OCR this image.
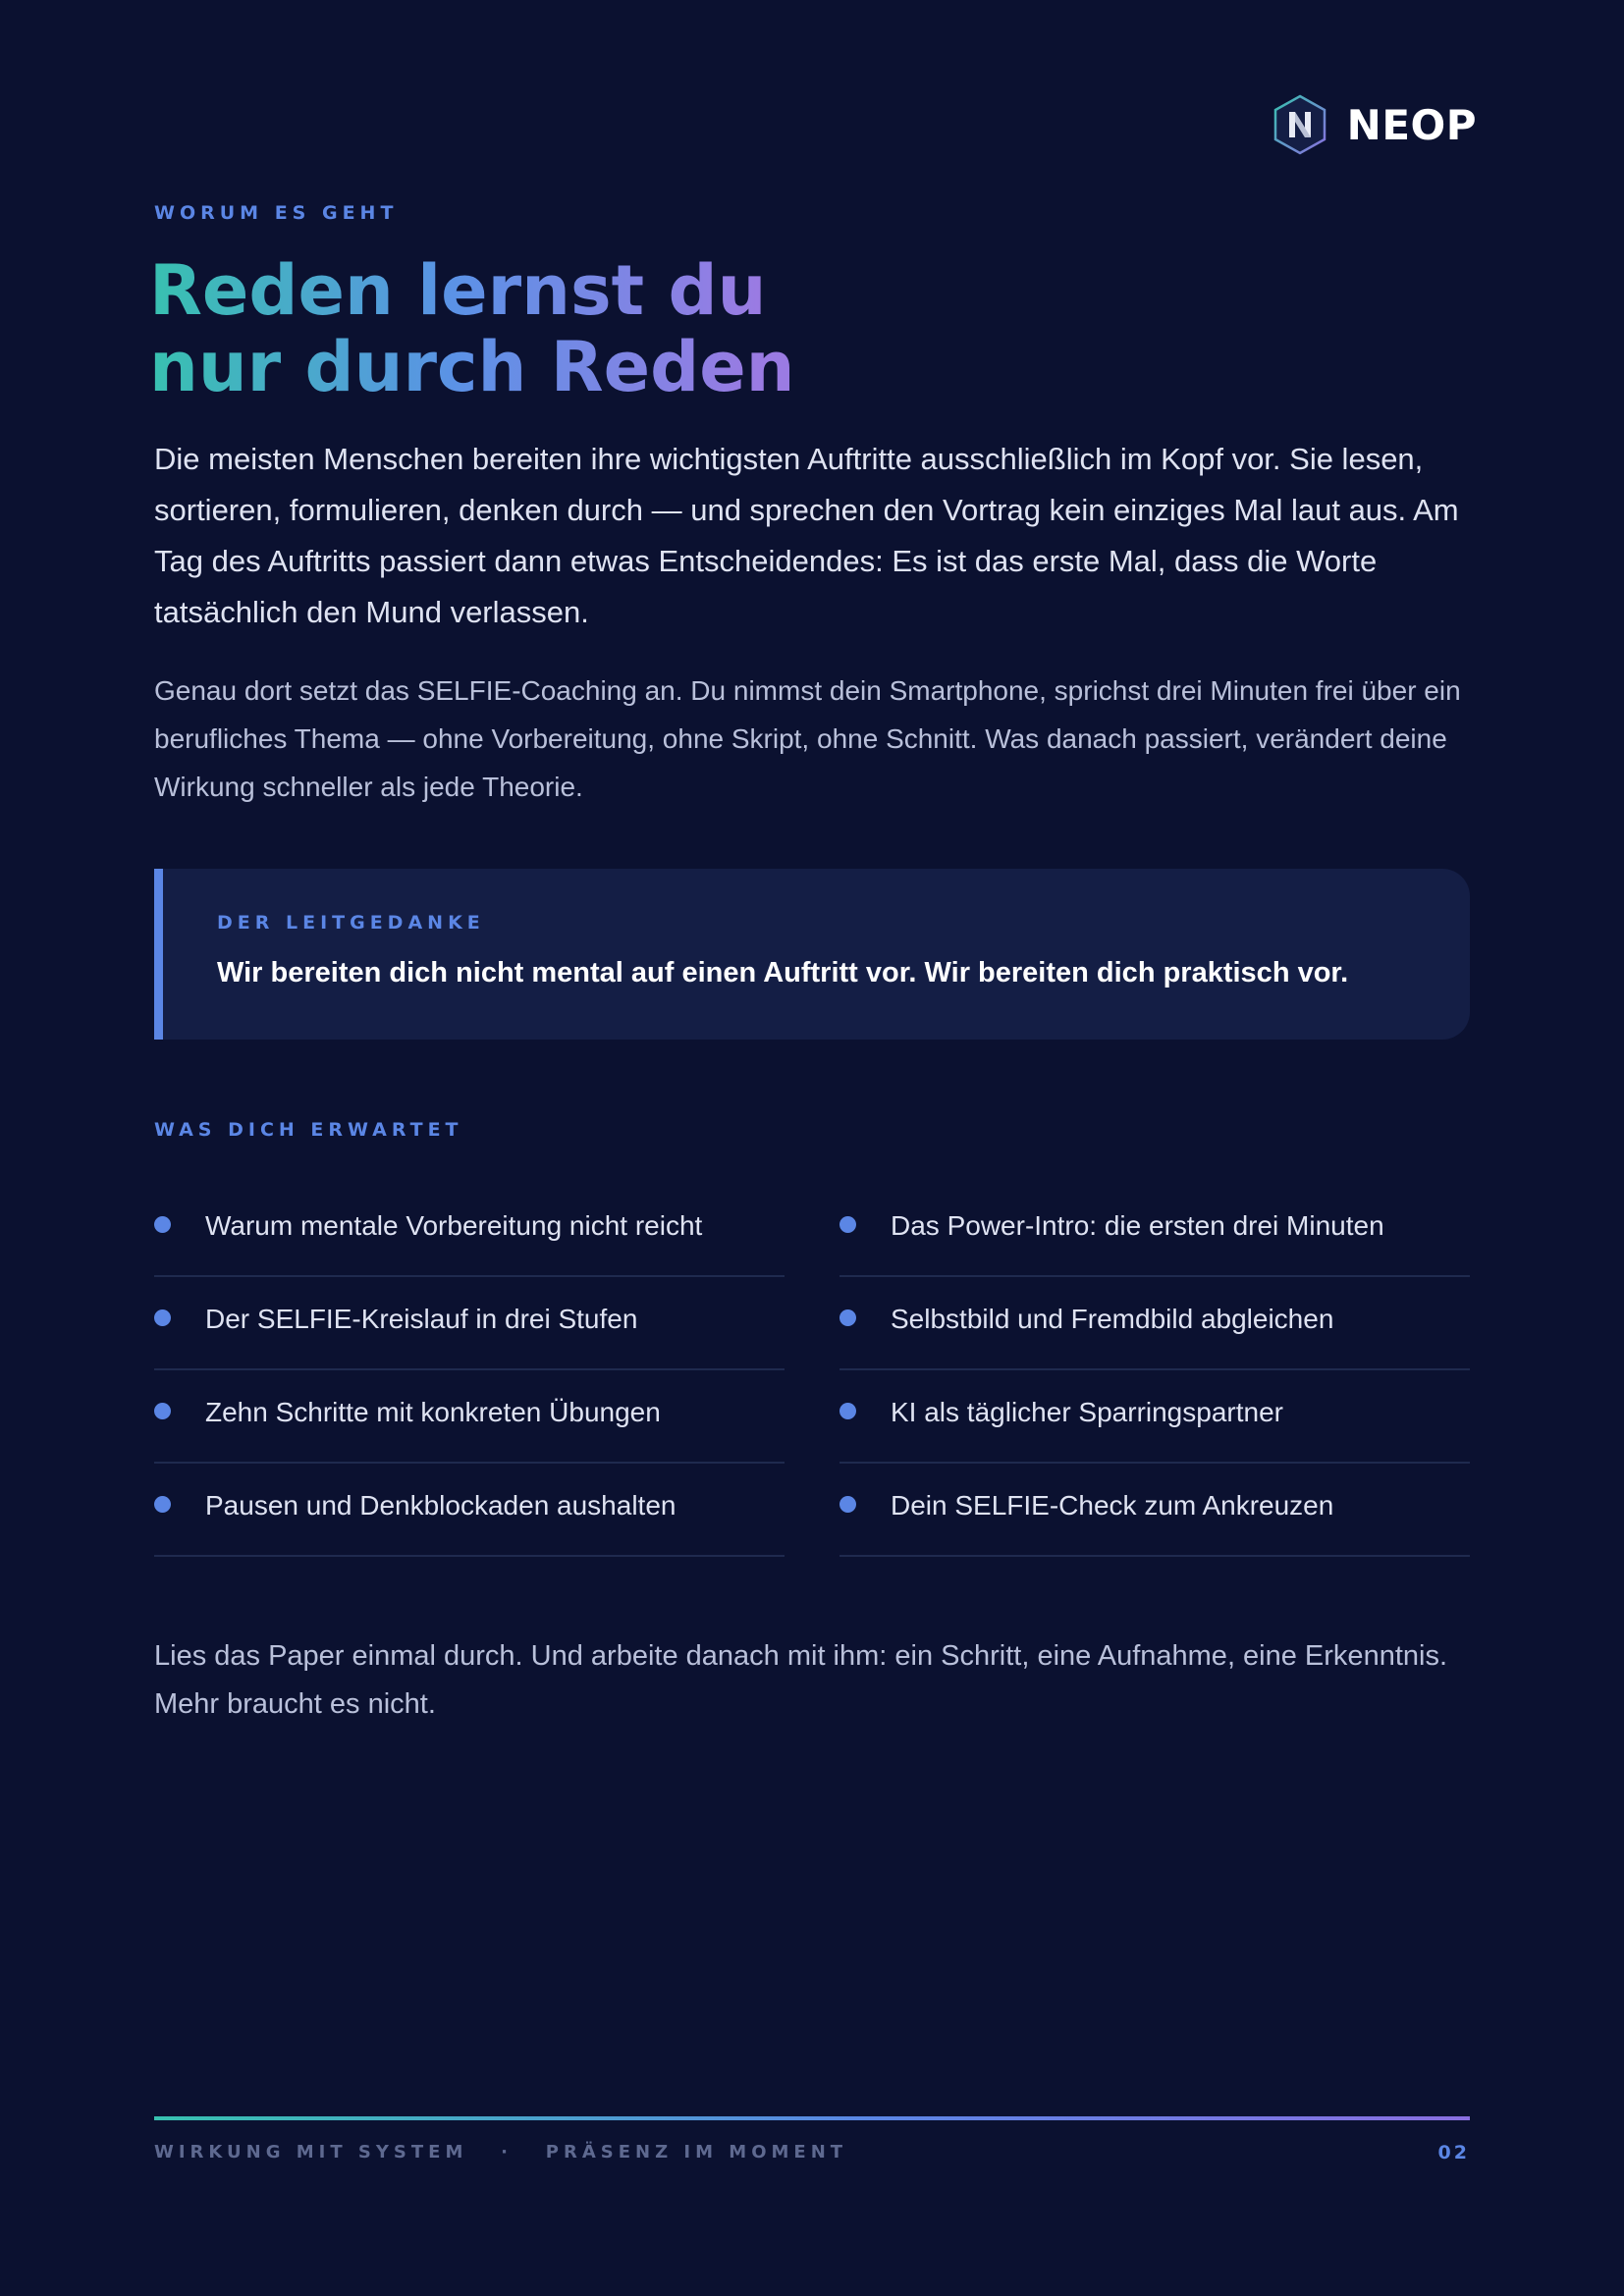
NEOP
WORUM ES GEHT
Reden lernst du
nur durch Reden

Die meisten Menschen bereiten ihre wichtigsten Auftritte ausschließlich im Kopf vor. Sie lesen, sortieren, formulieren, denken durch — und sprechen den Vortrag kein einziges Mal laut aus. Am Tag des Auftritts passiert dann etwas Entscheidendes: Es ist das erste Mal, dass die Worte tatsächlich den Mund verlassen.

Genau dort setzt das SELFIE-Coaching an. Du nimmst dein Smartphone, sprichst drei Minuten frei über ein berufliches Thema — ohne Vorbereitung, ohne Skript, ohne Schnitt. Was danach passiert, verändert deine Wirkung schneller als jede Theorie.

DER LEITGEDANKE
Wir bereiten dich nicht mental auf einen Auftritt vor. Wir bereiten dich praktisch vor.
WAS DICH ERWARTET
Warum mentale Vorbereitung nicht reicht	Das Power-Intro: die ersten drei Minuten
Der SELFIE-Kreislauf in drei Stufen	Selbstbild und Fremdbild abgleichen
Zehn Schritte mit konkreten Übungen	KI als täglicher Sparringspartner
Pausen und Denkblockaden aushalten	Dein SELFIE-Check zum Ankreuzen

Lies das Paper einmal durch. Und arbeite danach mit ihm: ein Schritt, eine Aufnahme, eine Erkenntnis. Mehr braucht es nicht.

WIRKUNG MIT SYSTEM   ·   PRÄSENZ IM MOMENT	02
